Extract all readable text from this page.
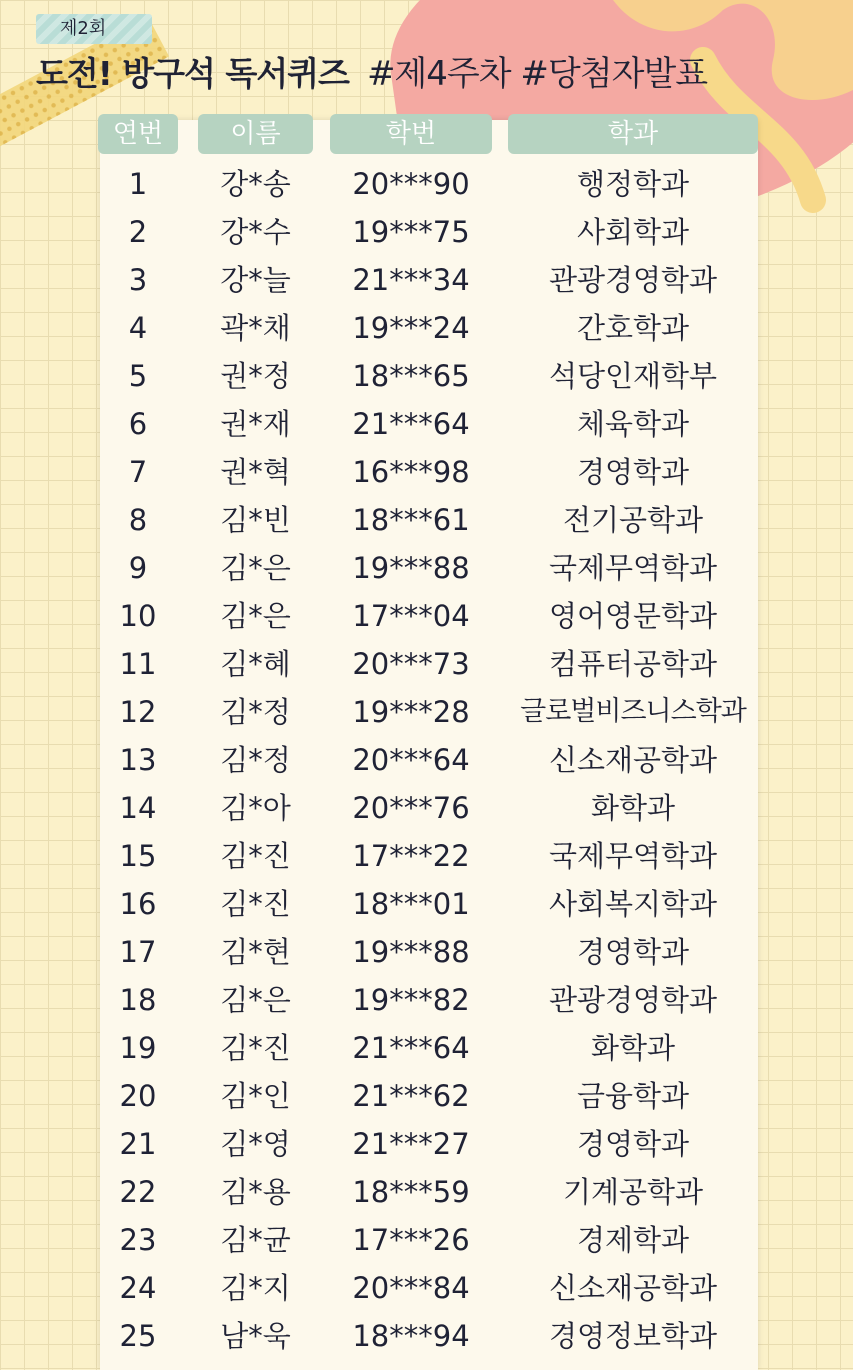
제2회
도전! 방구석 독서퀴즈 #제4주차 #당첨자발표
연번	이름	학번	학과
1	강*송	20***90	행정학과
2	강*수	19***75	사회학과
3	강*늘	21***34	관광경영학과
4	곽*채	19***24	간호학과
5	권*정	18***65	석당인재학부
6	권*재	21***64	체육학과
7	권*혁	16***98	경영학과
8	김*빈	18***61	전기공학과
9	김*은	19***88	국제무역학과
10	김*은	17***04	영어영문학과
11	김*혜	20***73	컴퓨터공학과
12	김*정	19***28	글로벌비즈니스학과
13	김*정	20***64	신소재공학과
14	김*아	20***76	화학과
15	김*진	17***22	국제무역학과
16	김*진	18***01	사회복지학과
17	김*현	19***88	경영학과
18	김*은	19***82	관광경영학과
19	김*진	21***64	화학과
20	김*인	21***62	금융학과
21	김*영	21***27	경영학과
22	김*용	18***59	기계공학과
23	김*균	17***26	경제학과
24	김*지	20***84	신소재공학과
25	남*욱	18***94	경영정보학과
